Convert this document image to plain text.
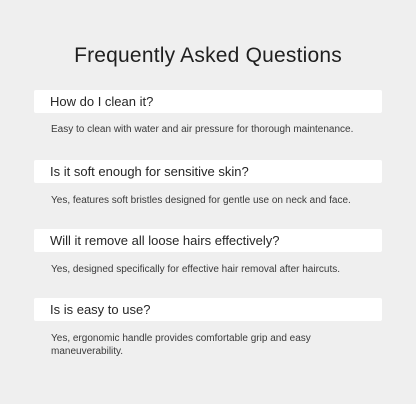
Frequently Asked Questions
How do I clean it?

Easy to clean with water and air pressure for thorough maintenance.

Is it soft enough for sensitive skin?

Yes, features soft bristles designed for gentle use on neck and face.

Will it remove all loose hairs effectively?

Yes, designed specifically for effective hair removal after haircuts.

Is is easy to use?

Yes, ergonomic handle provides comfortable grip and easy maneuverability.
